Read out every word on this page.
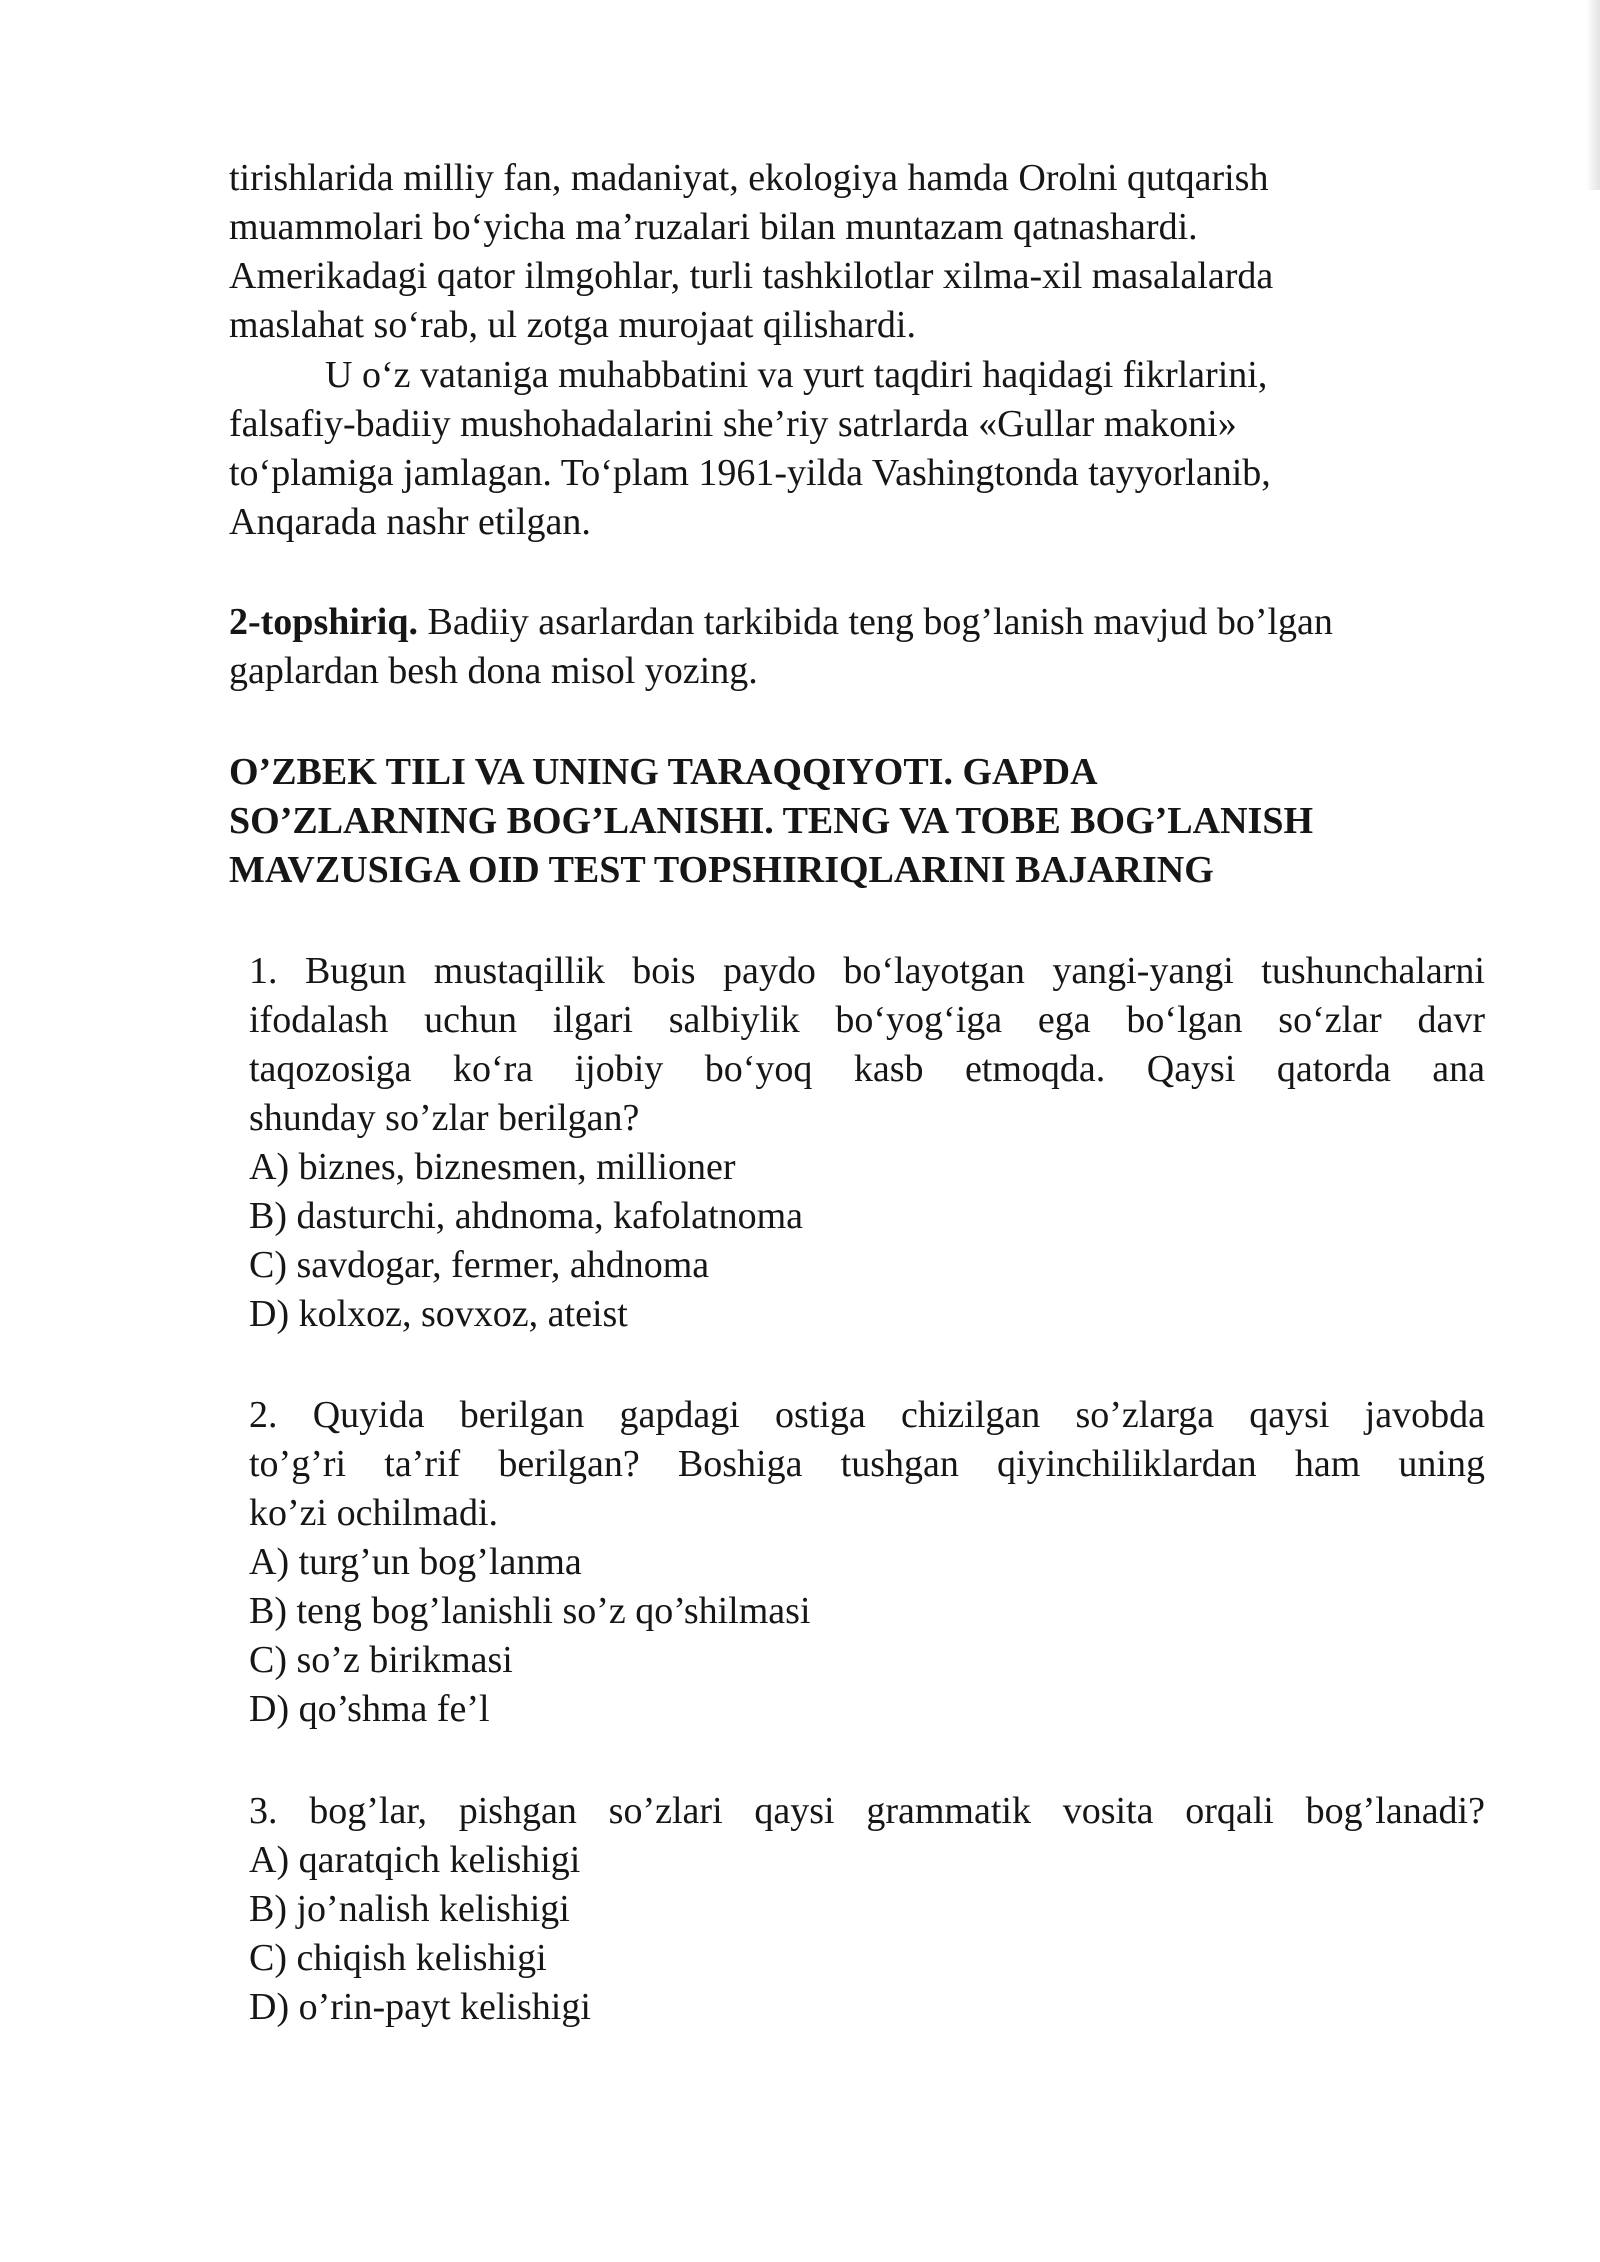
tirishlarida milliy fan, madaniyat, ekologiya hamda Orolni qutqarish
muammolari bo‘yicha ma’ruzalari bilan muntazam qatnashardi.
Amerikadagi qator ilmgohlar, turli tashkilotlar xilma-xil masalalarda
maslahat so‘rab, ul zotga murojaat qilishardi.
U o‘z vataniga muhabbatini va yurt taqdiri haqidagi fikrlarini,
falsafiy-badiiy mushohadalarini she’riy satrlarda «Gullar makoni»
to‘plamiga jamlagan. To‘plam 1961-yilda Vashingtonda tayyorlanib,
Anqarada nashr etilgan.
2-topshiriq. Badiiy asarlardan tarkibida teng bog’lanish mavjud bo’lgan
gaplardan besh dona misol yozing.
O’ZBEK TILI VA UNING TARAQQIYOTI. GAPDA
SO’ZLARNING BOG’LANISHI. TENG VA TOBE BOG’LANISH
MAVZUSIGA OID TEST TOPSHIRIQLARINI BAJARING
1. Bugun mustaqillik bois paydo bo‘layotgan yangi-yangi tushunchalarni
ifodalash uchun ilgari salbiylik bo‘yog‘iga ega bo‘lgan so‘zlar davr
taqozosiga ko‘ra ijobiy bo‘yoq kasb etmoqda. Qaysi qatorda ana
shunday so’zlar berilgan?
A) biznes, biznesmen, millioner
B) dasturchi, ahdnoma, kafolatnoma
C) savdogar, fermer, ahdnoma
D) kolxoz, sovxoz, ateist
2. Quyida berilgan gapdagi ostiga chizilgan so’zlarga qaysi javobda
to’g’ri ta’rif berilgan? Boshiga tushgan qiyinchiliklardan ham uning
ko’zi ochilmadi.
A) turg’un bog’lanma
B) teng bog’lanishli so’z qo’shilmasi
C) so’z birikmasi
D) qo’shma fe’l
3. bog’lar, pishgan so’zlari qaysi grammatik vosita orqali bog’lanadi?
A) qaratqich kelishigi
B) jo’nalish kelishigi
C) chiqish kelishigi
D) o’rin-payt kelishigi
